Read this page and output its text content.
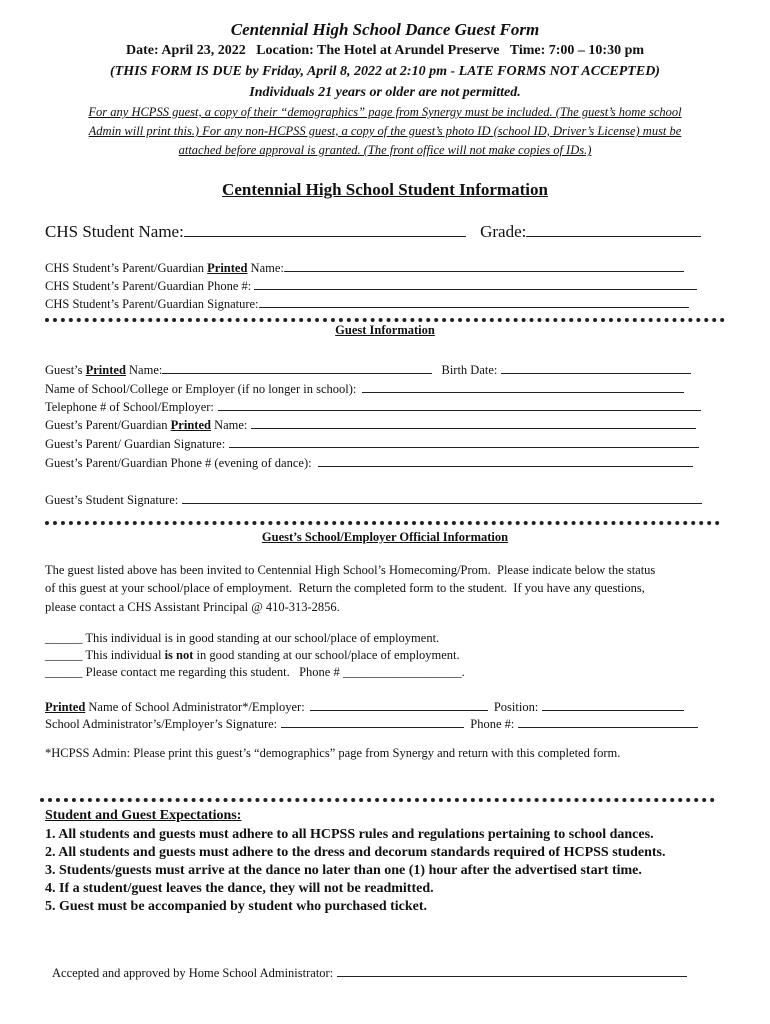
Centennial High School Dance Guest Form
Date: April 23, 2022   Location: The Hotel at Arundel Preserve   Time: 7:00 – 10:30 pm
(THIS FORM IS DUE by Friday, April 8, 2022 at 2:10 pm - LATE FORMS NOT ACCEPTED)
Individuals 21 years or older are not permitted.
For any HCPSS guest, a copy of their “demographics” page from Synergy must be included. (The guest’s home school
Admin will print this.) For any non-HCPSS guest, a copy of the guest’s photo ID (school ID, Driver’s License) must be
attached before approval is granted. (The front office will not make copies of IDs.)
Centennial High School Student Information
CHS Student Name:	Grade:
CHS Student’s Parent/Guardian Printed Name:
CHS Student’s Parent/Guardian Phone #:
CHS Student’s Parent/Guardian Signature:
Guest Information
Guest’s Printed Name:	Birth Date:
Name of School/College or Employer (if no longer in school):
Telephone # of School/Employer:
Guest’s Parent/Guardian Printed Name:
Guest’s Parent/ Guardian Signature:
Guest’s Parent/Guardian Phone # (evening of dance):
Guest’s Student Signature:
Guest’s School/Employer Official Information
The guest listed above has been invited to Centennial High School’s Homecoming/Prom.  Please indicate below the status
of this guest at your school/place of employment.  Return the completed form to the student.  If you have any questions,
please contact a CHS Assistant Principal @ 410-313-2856.
______ This individual is in good standing at our school/place of employment.
______ This individual is not in good standing at our school/place of employment.
______ Please contact me regarding this student.   Phone # ___________________.
Printed Name of School Administrator*/Employer:	Position:
School Administrator’s/Employer’s Signature:	Phone #:
*HCPSS Admin: Please print this guest’s “demographics” page from Synergy and return with this completed form.
Student and Guest Expectations:
1. All students and guests must adhere to all HCPSS rules and regulations pertaining to school dances.
2. All students and guests must adhere to the dress and decorum standards required of HCPSS students.
3. Students/guests must arrive at the dance no later than one (1) hour after the advertised start time.
4. If a student/guest leaves the dance, they will not be readmitted.
5. Guest must be accompanied by student who purchased ticket.
Accepted and approved by Home School Administrator:
